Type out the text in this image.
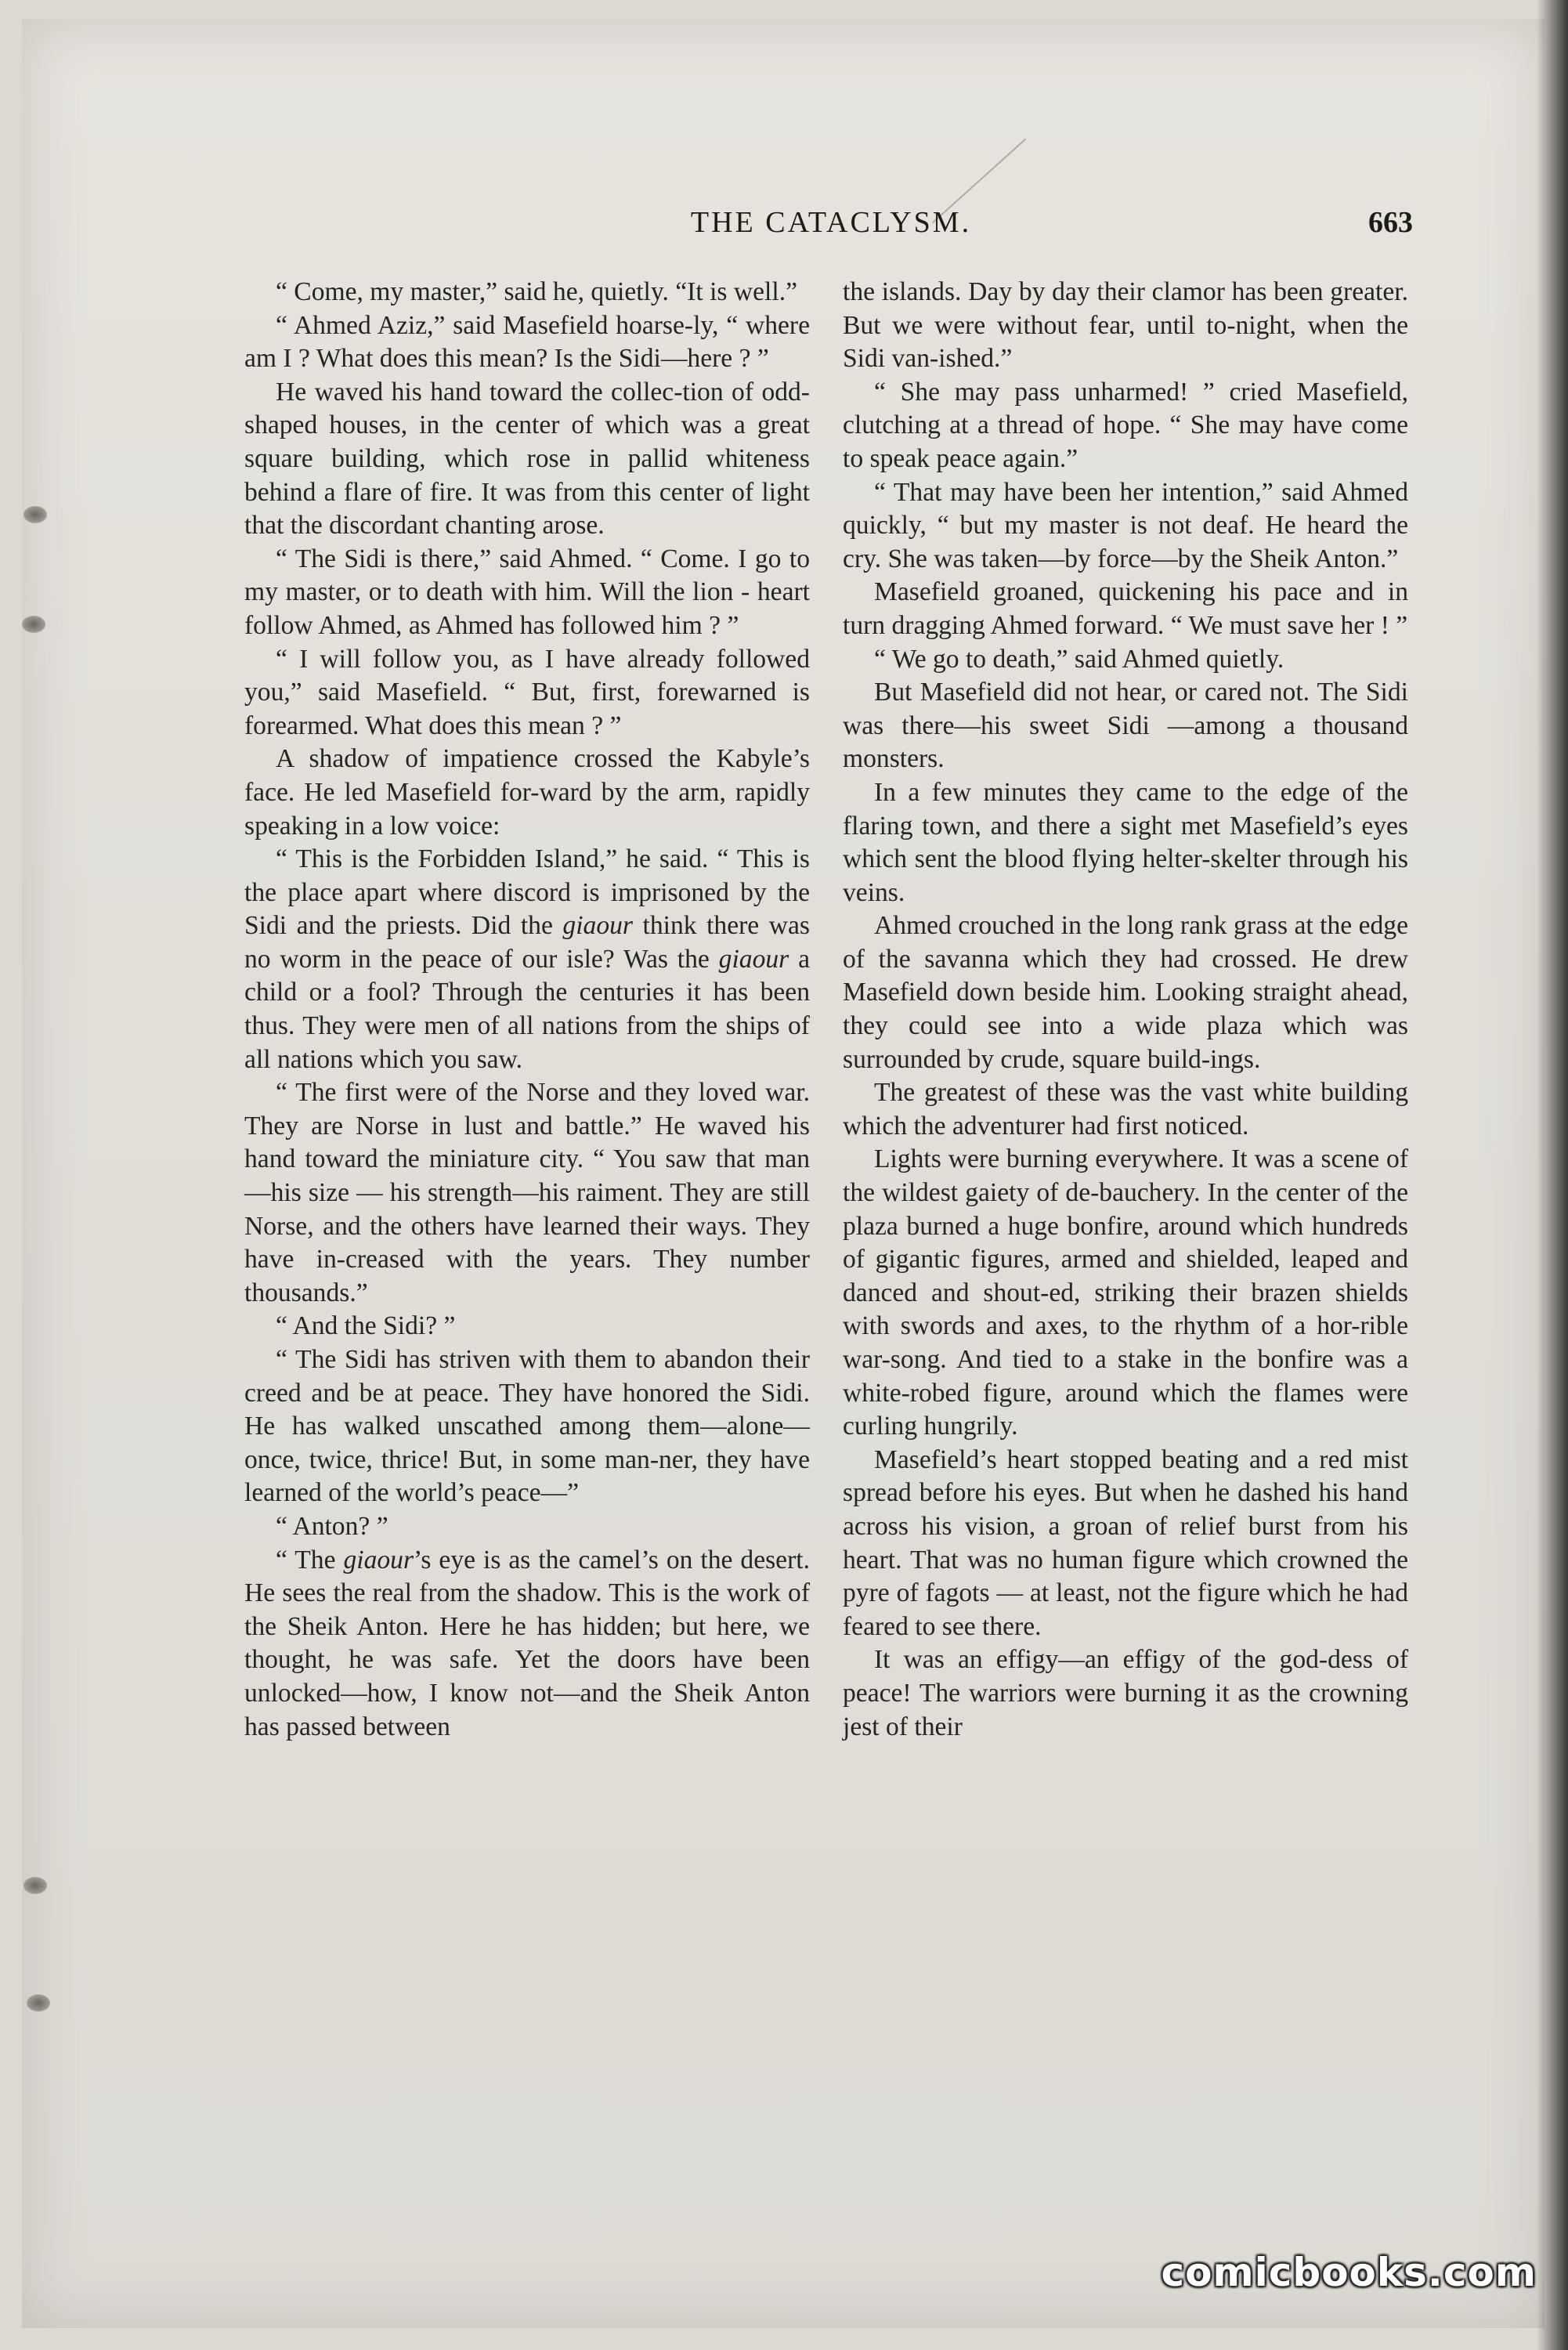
THE CATACLYSM.	663

“ Come, my master,” said he, quietly. “It is well.”

“ Ahmed Aziz,” said Masefield hoarse-ly, “ where am I ? What does this mean? Is the Sidi—here ? ”

He waved his hand toward the collec-tion of odd-shaped houses, in the center of which was a great square building, which rose in pallid whiteness behind a flare of fire. It was from this center of light that the discordant chanting arose.

“ The Sidi is there,” said Ahmed. “ Come. I go to my master, or to death with him. Will the lion - heart follow Ahmed, as Ahmed has followed him ? ”

“ I will follow you, as I have already followed you,” said Masefield. “ But, first, forewarned is forearmed. What does this mean ? ”

A shadow of impatience crossed the Kabyle’s face. He led Masefield for-ward by the arm, rapidly speaking in a low voice:

“ This is the Forbidden Island,” he said. “ This is the place apart where discord is imprisoned by the Sidi and the priests. Did the giaour think there was no worm in the peace of our isle? Was the giaour a child or a fool? Through the centuries it has been thus. They were men of all nations from the ships of all nations which you saw.

“ The first were of the Norse and they loved war. They are Norse in lust and battle.” He waved his hand toward the miniature city. “ You saw that man—his size — his strength—his raiment. They are still Norse, and the others have learned their ways. They have in-creased with the years. They number thousands.”

“ And the Sidi? ”

“ The Sidi has striven with them to abandon their creed and be at peace. They have honored the Sidi. He has walked unscathed among them—alone—once, twice, thrice! But, in some man-ner, they have learned of the world’s peace—”

“ Anton? ”

“ The giaour’s eye is as the camel’s on the desert. He sees the real from the shadow. This is the work of the Sheik Anton. Here he has hidden; but here, we thought, he was safe. Yet the doors have been unlocked—how, I know not—and the Sheik Anton has passed between

the islands. Day by day their clamor has been greater. But we were without fear, until to-night, when the Sidi van-ished.”

“ She may pass unharmed! ” cried Masefield, clutching at a thread of hope. “ She may have come to speak peace again.”

“ That may have been her intention,” said Ahmed quickly, “ but my master is not deaf. He heard the cry. She was taken—by force—by the Sheik Anton.”

Masefield groaned, quickening his pace and in turn dragging Ahmed forward. “ We must save her ! ”

“ We go to death,” said Ahmed quietly.

But Masefield did not hear, or cared not. The Sidi was there—his sweet Sidi —among a thousand monsters.

In a few minutes they came to the edge of the flaring town, and there a sight met Masefield’s eyes which sent the blood flying helter-skelter through his veins.

Ahmed crouched in the long rank grass at the edge of the savanna which they had crossed. He drew Masefield down beside him. Looking straight ahead, they could see into a wide plaza which was surrounded by crude, square build-ings.

The greatest of these was the vast white building which the adventurer had first noticed.

Lights were burning everywhere. It was a scene of the wildest gaiety of de-bauchery. In the center of the plaza burned a huge bonfire, around which hundreds of gigantic figures, armed and shielded, leaped and danced and shout-ed, striking their brazen shields with swords and axes, to the rhythm of a hor-rible war-song. And tied to a stake in the bonfire was a white-robed figure, around which the flames were curling hungrily.

Masefield’s heart stopped beating and a red mist spread before his eyes. But when he dashed his hand across his vision, a groan of relief burst from his heart. That was no human figure which crowned the pyre of fagots — at least, not the figure which he had feared to see there.

It was an effigy—an effigy of the god-dess of peace! The warriors were burning it as the crowning jest of their

comicbooks.com
